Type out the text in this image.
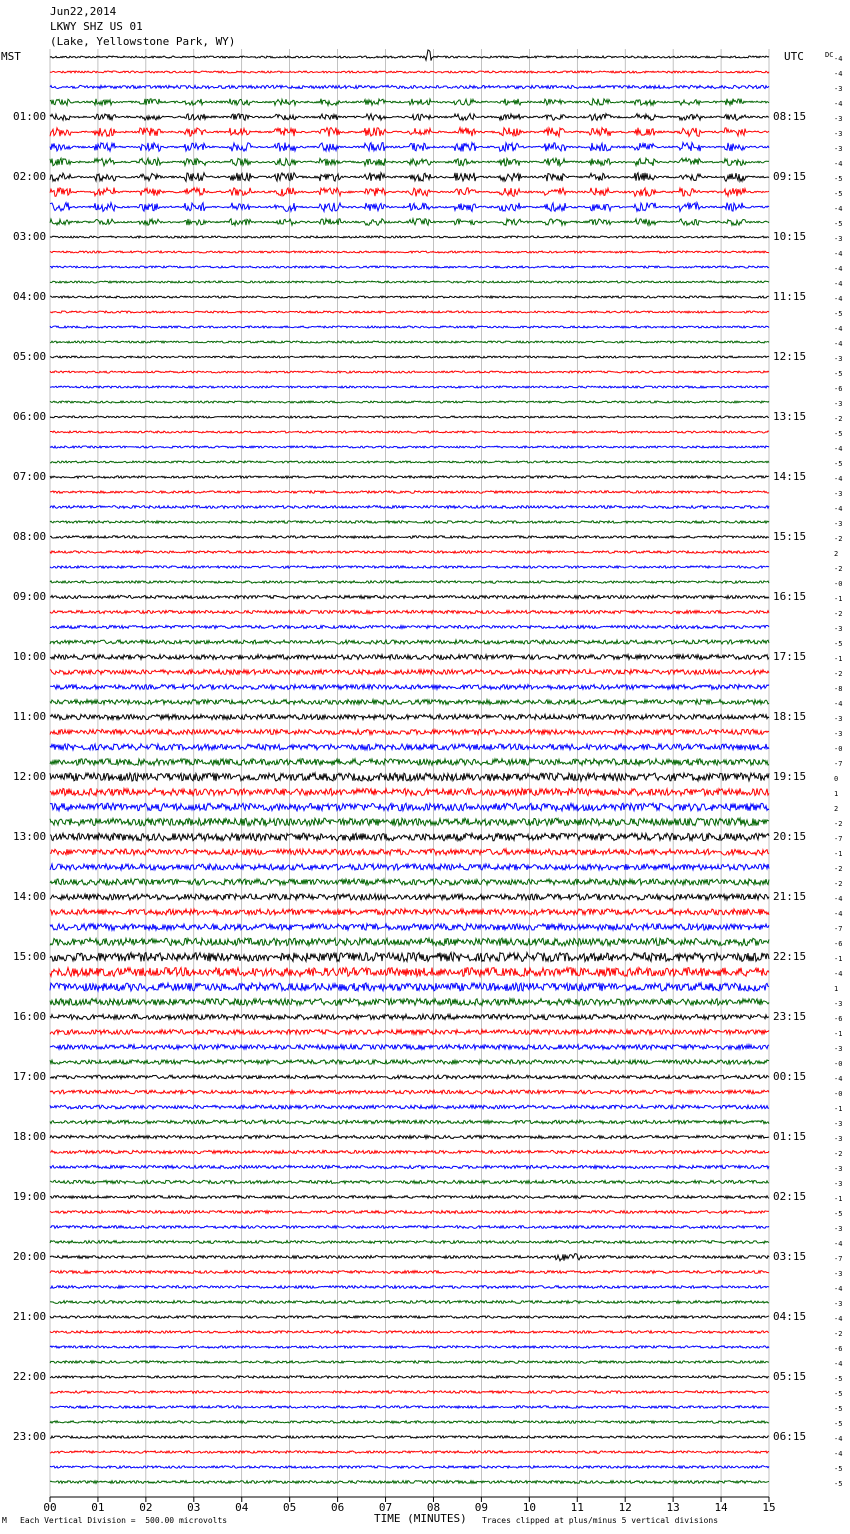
Jun22,2014
LKWY SHZ US 01
(Lake, Yellowstone Park, WY)
MST	UTC	DC
00	01	02	03	04	05	06	07	08	09	10	11	12	13	14	15
01:00
02:00
03:00
04:00
05:00
06:00
07:00
08:00
09:00
10:00
11:00
12:00
13:00
14:00
15:00
16:00
17:00
18:00
19:00
20:00
21:00
22:00
23:00
08:15
09:15
10:15
11:15
12:15
13:15
14:15
15:15
16:15
17:15
18:15
19:15
20:15
21:15
22:15
23:15
00:15
01:15
02:15
03:15
04:15
05:15
06:15
-4
-4
-3
-4
-3
-3
-3
-4
-5
-5
-4
-5
-3
-4
-4
-4
-4
-5
-4
-4
-3
-5
-6
-3
-2
-5
-4
-5
-4
-3
-4
-3
-2
2
-2
-0
-1
-2
-3
-5
-1
-2
-8
-4
-3
-3
-0
-7
0
1
2
-2
-7
-1
-2
-2
-4
-4
-7
-6
-1
-4
1
-3
-6
-1
-3
-0
-4
-0
-1
-3
-3
-2
-3
-3
-1
-5
-3
-4
-7
-3
-4
-3
-4
-2
-6
-4
-5
-5
-5
-5
-4
-4
-5
-5
M Each Vertical Division =  500.00 microvolts	TIME (MINUTES) Traces clipped at plus/minus 5 vertical divisions
